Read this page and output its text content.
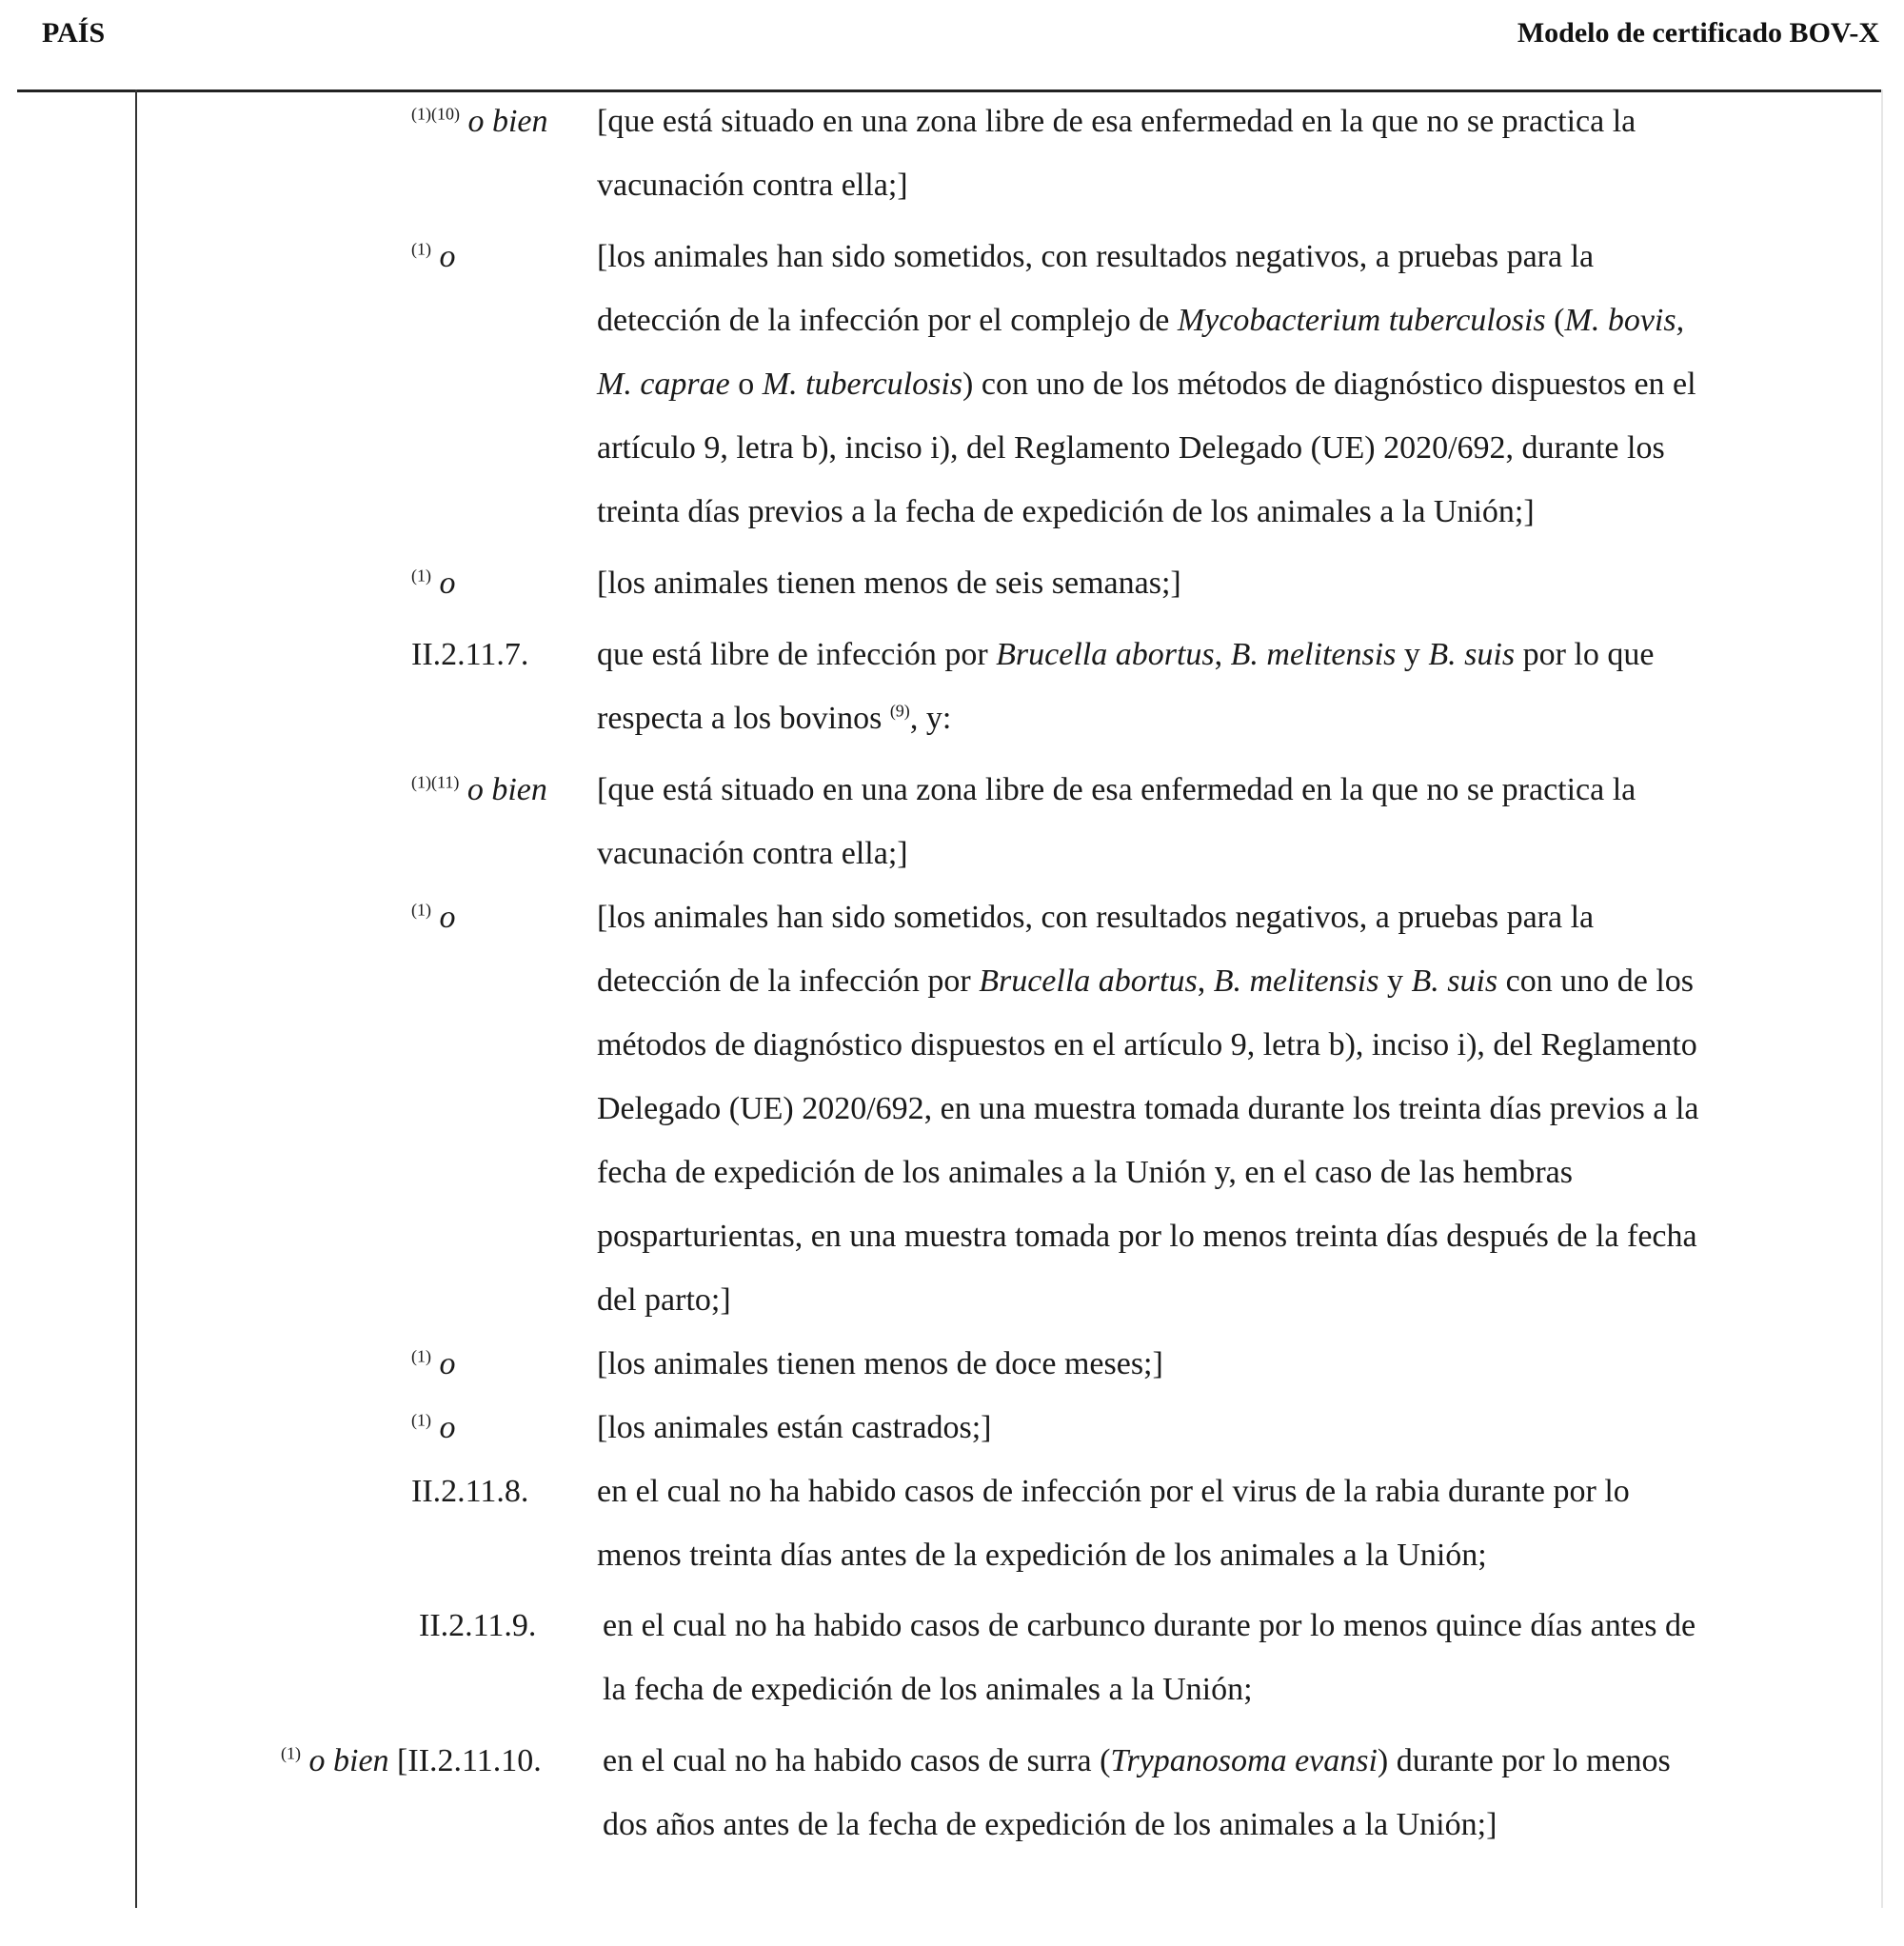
PAÍS	Modelo de certificado BOV-X
$^{(1)(10)}$ o bien [que está situado en una zona libre de esa enfermedad en la que no se practica la
vacunación contra ella;]
$^{(1)}$ o	[los animales han sido sometidos, con resultados negativos, a pruebas para la
detección de la infección por el complejo de Mycobacterium tuberculosis (M. bovis,
M. caprae o M. tuberculosis) con uno de los métodos de diagnóstico dispuestos en el
artículo 9, letra b), inciso i), del Reglamento Delegado (UE) 2020/692, durante los
treinta días previos a la fecha de expedición de los animales a la Unión;]
$^{(1)}$ o	[los animales tienen menos de seis semanas;]
II.2.11.7. que está libre de infección por Brucella abortus, B. melitensis y B. suis por lo que
respecta a los bovinos $^{(9)}$, y:
$^{(1)(11)}$ o bien [que está situado en una zona libre de esa enfermedad en la que no se practica la
vacunación contra ella;]
$^{(1)}$ o	[los animales han sido sometidos, con resultados negativos, a pruebas para la
detección de la infección por Brucella abortus, B. melitensis y B. suis con uno de los
métodos de diagnóstico dispuestos en el artículo 9, letra b), inciso i), del Reglamento
Delegado (UE) 2020/692, en una muestra tomada durante los treinta días previos a la
fecha de expedición de los animales a la Unión y, en el caso de las hembras
posparturientas, en una muestra tomada por lo menos treinta días después de la fecha
del parto;]
$^{(1)}$ o	[los animales tienen menos de doce meses;]
$^{(1)}$ o	[los animales están castrados;]
II.2.11.8. en el cual no ha habido casos de infección por el virus de la rabia durante por lo
menos treinta días antes de la expedición de los animales a la Unión;
II.2.11.9. en el cual no ha habido casos de carbunco durante por lo menos quince días antes de
la fecha de expedición de los animales a la Unión;
$^{(1)}$ o bien [II.2.11.10. en el cual no ha habido casos de surra (Trypanosoma evansi) durante por lo menos
dos años antes de la fecha de expedición de los animales a la Unión;]
